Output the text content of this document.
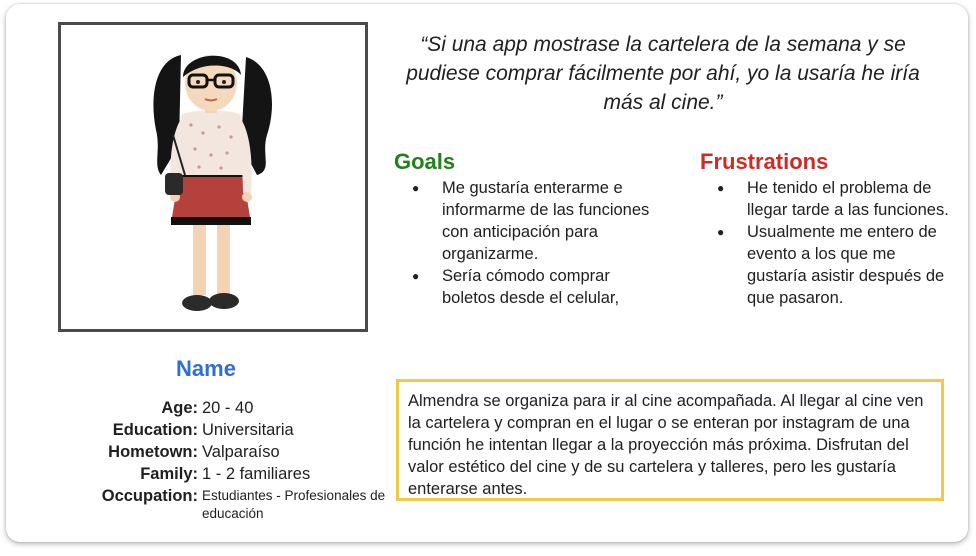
“Si una app mostrase la cartelera de la semana y se pudiese comprar fácilmente por ahí, yo la usaría he iría más al cine.”
Goals
● Me gustaría enterarme e informarme de las funciones con anticipación para organizarme.
● Sería cómodo comprar boletos desde el celular,
Frustrations
● He tenido el problema de llegar tarde a las funciones.
● Usualmente me entero de evento a los que me gustaría asistir después de que pasaron.
Name
Age: 20 - 40
Education: Universitaria
Hometown: Valparaíso
Family: 1 - 2 familiares
Occupation: Estudiantes - Profesionales de educación
Almendra se organiza para ir al cine acompañada. Al llegar al cine ven la cartelera y compran en el lugar o se enteran por instagram de una función he intentan llegar a la proyección más próxima. Disfrutan del valor estético del cine y de su cartelera y talleres, pero les gustaría enterarse antes.
